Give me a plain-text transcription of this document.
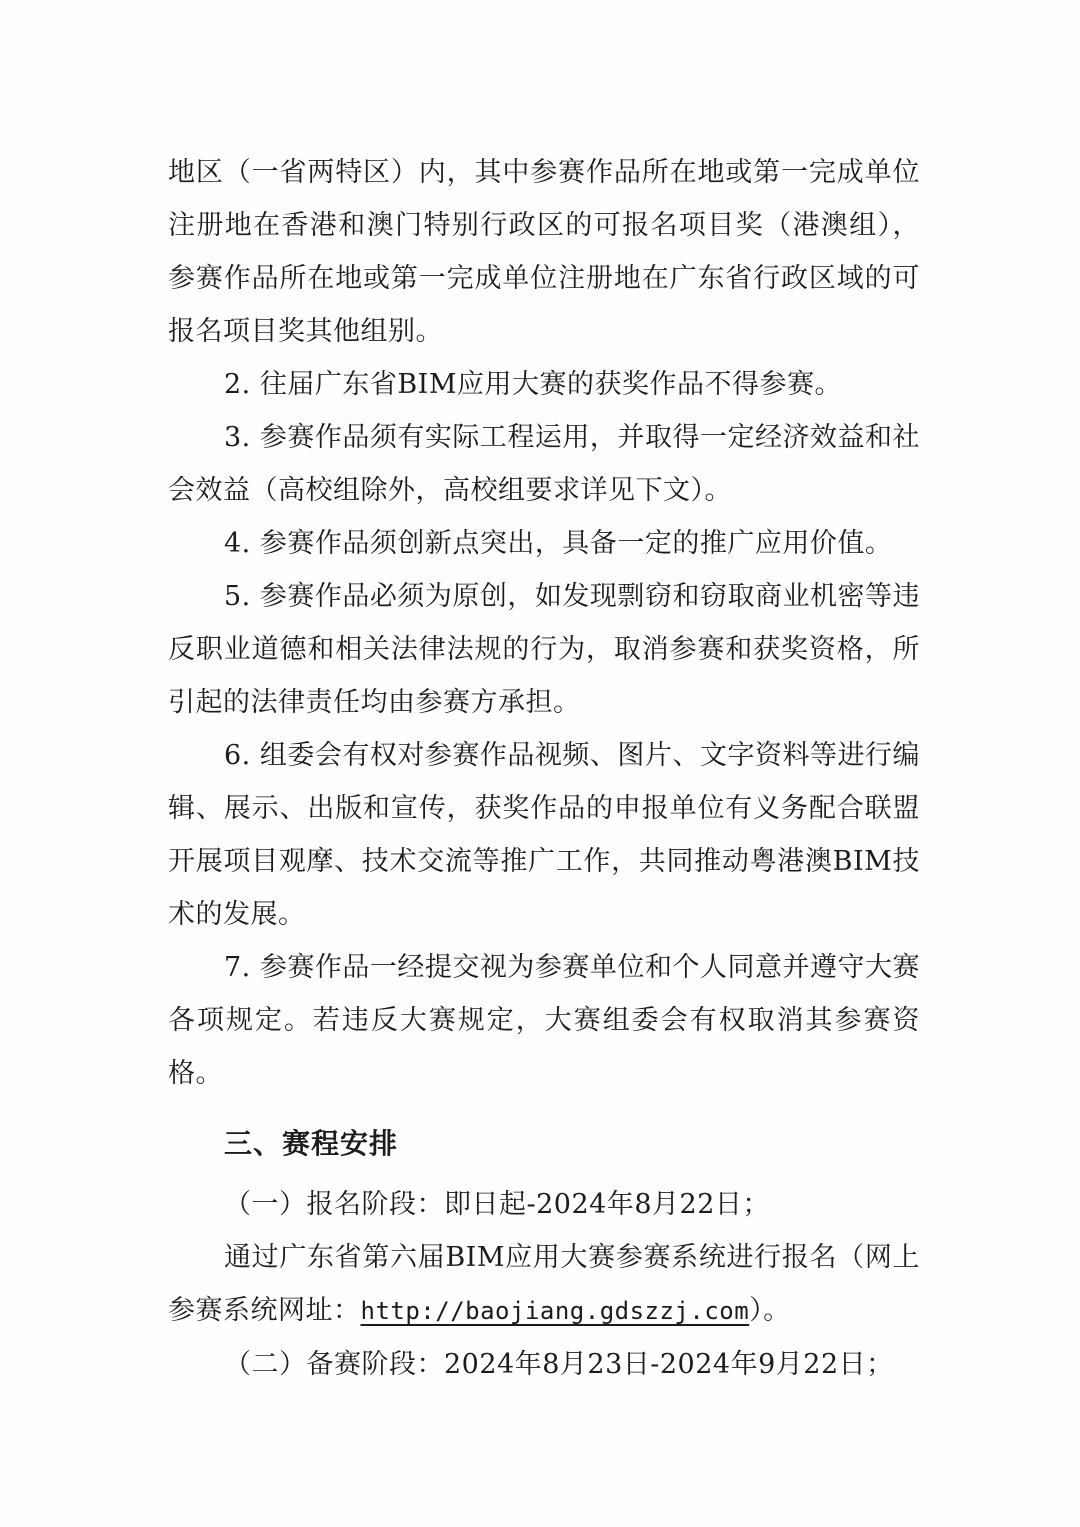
地区（一省两特区）内，其中参赛作品所在地或第一完成单位注册地在香港和澳门特别行政区的可报名项目奖（港澳组），参赛作品所在地或第一完成单位注册地在广东省行政区域的可报名项目奖其他组别。

2. 往届广东省BIM应用大赛的获奖作品不得参赛。

3. 参赛作品须有实际工程运用，并取得一定经济效益和社会效益（高校组除外，高校组要求详见下文）。

4. 参赛作品须创新点突出，具备一定的推广应用价值。

5. 参赛作品必须为原创，如发现剽窃和窃取商业机密等违反职业道德和相关法律法规的行为，取消参赛和获奖资格，所引起的法律责任均由参赛方承担。

6. 组委会有权对参赛作品视频、图片、文字资料等进行编辑、展示、出版和宣传，获奖作品的申报单位有义务配合联盟开展项目观摩、技术交流等推广工作，共同推动粤港澳BIM技术的发展。

7. 参赛作品一经提交视为参赛单位和个人同意并遵守大赛各项规定。若违反大赛规定，大赛组委会有权取消其参赛资格。

三、赛程安排

（一）报名阶段：即日起-2024年8月22日；

通过广东省第六届BIM应用大赛参赛系统进行报名（网上参赛系统网址：http://baojiang.gdszzj.com）。

（二）备赛阶段：2024年8月23日-2024年9月22日；
